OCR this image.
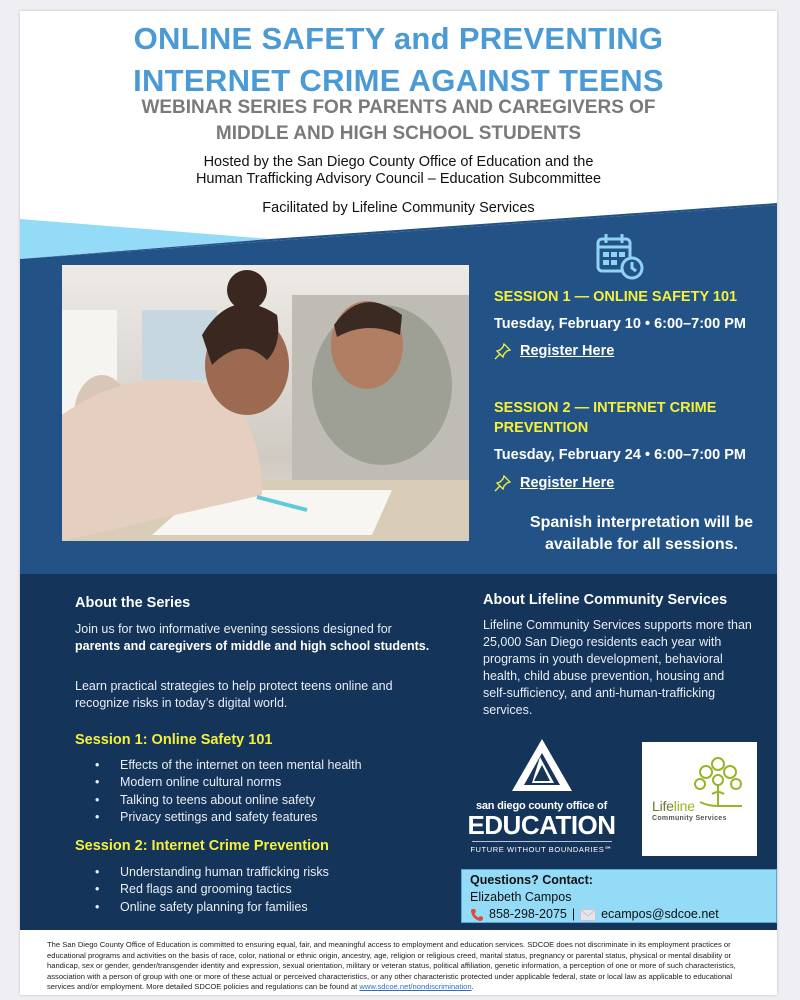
ONLINE SAFETY and PREVENTING
INTERNET CRIME AGAINST TEENS
WEBINAR SERIES FOR PARENTS AND CAREGIVERS OF
MIDDLE AND HIGH SCHOOL STUDENTS
Hosted by the San Diego County Office of Education and the
Human Trafficking Advisory Council – Education Subcommittee
Facilitated by Lifeline Community Services
SESSION 1 — ONLINE SAFETY 101
Tuesday, February 10 • 6:00–7:00 PM
Register Here
SESSION 2 — INTERNET CRIME
PREVENTION
Tuesday, February 24 • 6:00–7:00 PM
Register Here
Spanish interpretation will be
available for all sessions.
About the Series
Join us for two informative evening sessions designed for
parents and caregivers of middle and high school students.
Learn practical strategies to help protect teens online and
recognize risks in today’s digital world.
Session 1: Online Safety 101
• Effects of the internet on teen mental health
• Modern online cultural norms
• Talking to teens about online safety
• Privacy settings and safety features
Session 2: Internet Crime Prevention
• Understanding human trafficking risks
• Red flags and grooming tactics
• Online safety planning for families
About Lifeline Community Services
Lifeline Community Services supports more than
25,000 San Diego residents each year with
programs in youth development, behavioral
health, child abuse prevention, housing and
self-sufficiency, and anti-human-trafficking
services.
san diego county office of
EDUCATION
FUTURE WITHOUT BOUNDARIES℠
Lifeline
Community Services
Questions? Contact:
Elizabeth Campos
858-298-2075 | ecampos@sdcoe.net
The San Diego County Office of Education is committed to ensuring equal, fair, and meaningful access to employment and education services. SDCOE does not discriminate in its employment practices or educational programs and activities on the basis of race, color, national or ethnic origin, ancestry, age, religion or religious creed, marital status, pregnancy or parental status, physical or mental disability or handicap, sex or gender, gender/transgender identity and expression, sexual orientation, military or veteran status, political affiliation, genetic information, a perception of one or more of such characteristics, association with a person of group with one or more of these actual or perceived characteristics, or any other characteristic protected under applicable federal, state or local law as applicable to educational services and/or employment. More detailed SDCOE policies and regulations can be found at www.sdcoe.net/nondiscrimination.
